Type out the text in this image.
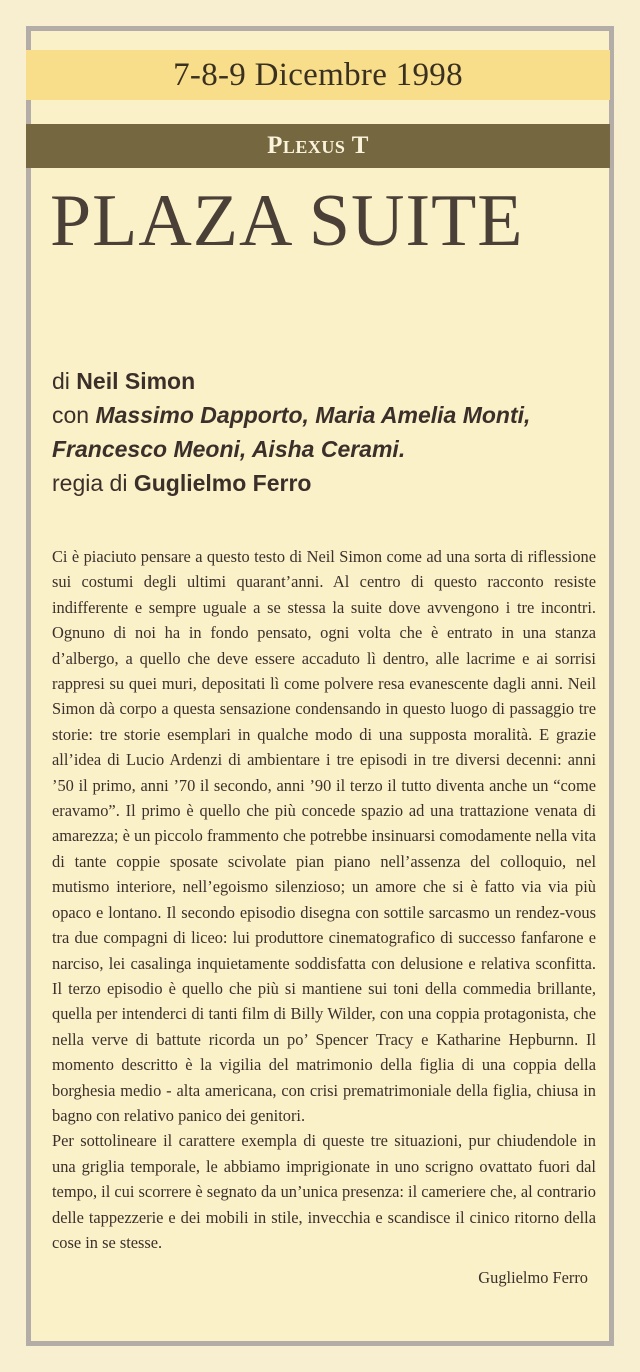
7-8-9 Dicembre 1998
Plexus T
PLAZA SUITE
di Neil Simon
con Massimo Dapporto, Maria Amelia Monti,
Francesco Meoni, Aisha Cerami.
regia di Guglielmo Ferro

Ci è piaciuto pensare a questo testo di Neil Simon come ad una sorta di riflessione sui costumi degli ultimi quarant’anni. Al centro di questo racconto resiste indifferente e sempre uguale a se stessa la suite dove avvengono i tre incontri. Ognuno di noi ha in fondo pensato, ogni volta che è entrato in una stanza d’albergo, a quello che deve essere accaduto lì dentro, alle lacrime e ai sorrisi rappresi su quei muri, depositati lì come polvere resa evanescente dagli anni. Neil Simon dà corpo a questa sensazione condensando in questo luogo di passaggio tre storie: tre storie esemplari in qualche modo di una supposta moralità. E grazie all’idea di Lucio Ardenzi di ambientare i tre episodi in tre diversi decenni: anni ’50 il primo, anni ’70 il secondo, anni ’90 il terzo il tutto diventa anche un “come eravamo”. Il primo è quello che più concede spazio ad una trattazione venata di amarezza; è un piccolo frammento che potrebbe insinuarsi comodamente nella vita di tante coppie sposate scivolate pian piano nell’assenza del colloquio, nel mutismo interiore, nell’egoismo silenzioso; un amore che si è fatto via via più opaco e lontano. Il secondo episodio disegna con sottile sarcasmo un rendez-vous tra due compagni di liceo: lui produttore cinematografico di successo fanfarone e narciso, lei casalinga inquietamente soddisfatta con delusione e relativa sconfitta. Il terzo episodio è quello che più si mantiene sui toni della commedia brillante, quella per intenderci di tanti film di Billy Wilder, con una coppia protagonista, che nella verve di battute ricorda un po’ Spencer Tracy e Katharine Hepburnn. Il momento descritto è la vigilia del matrimonio della figlia di una coppia della borghesia medio - alta americana, con crisi prematrimoniale della figlia, chiusa in bagno con relativo panico dei genitori.

Per sottolineare il carattere exempla di queste tre situazioni, pur chiudendole in una griglia temporale, le abbiamo imprigionate in uno scrigno ovattato fuori dal tempo, il cui scorrere è segnato da un’unica presenza: il cameriere che, al contrario delle tappezzerie e dei mobili in stile, invecchia e scandisce il cinico ritorno della cose in se stesse.

Guglielmo Ferro
